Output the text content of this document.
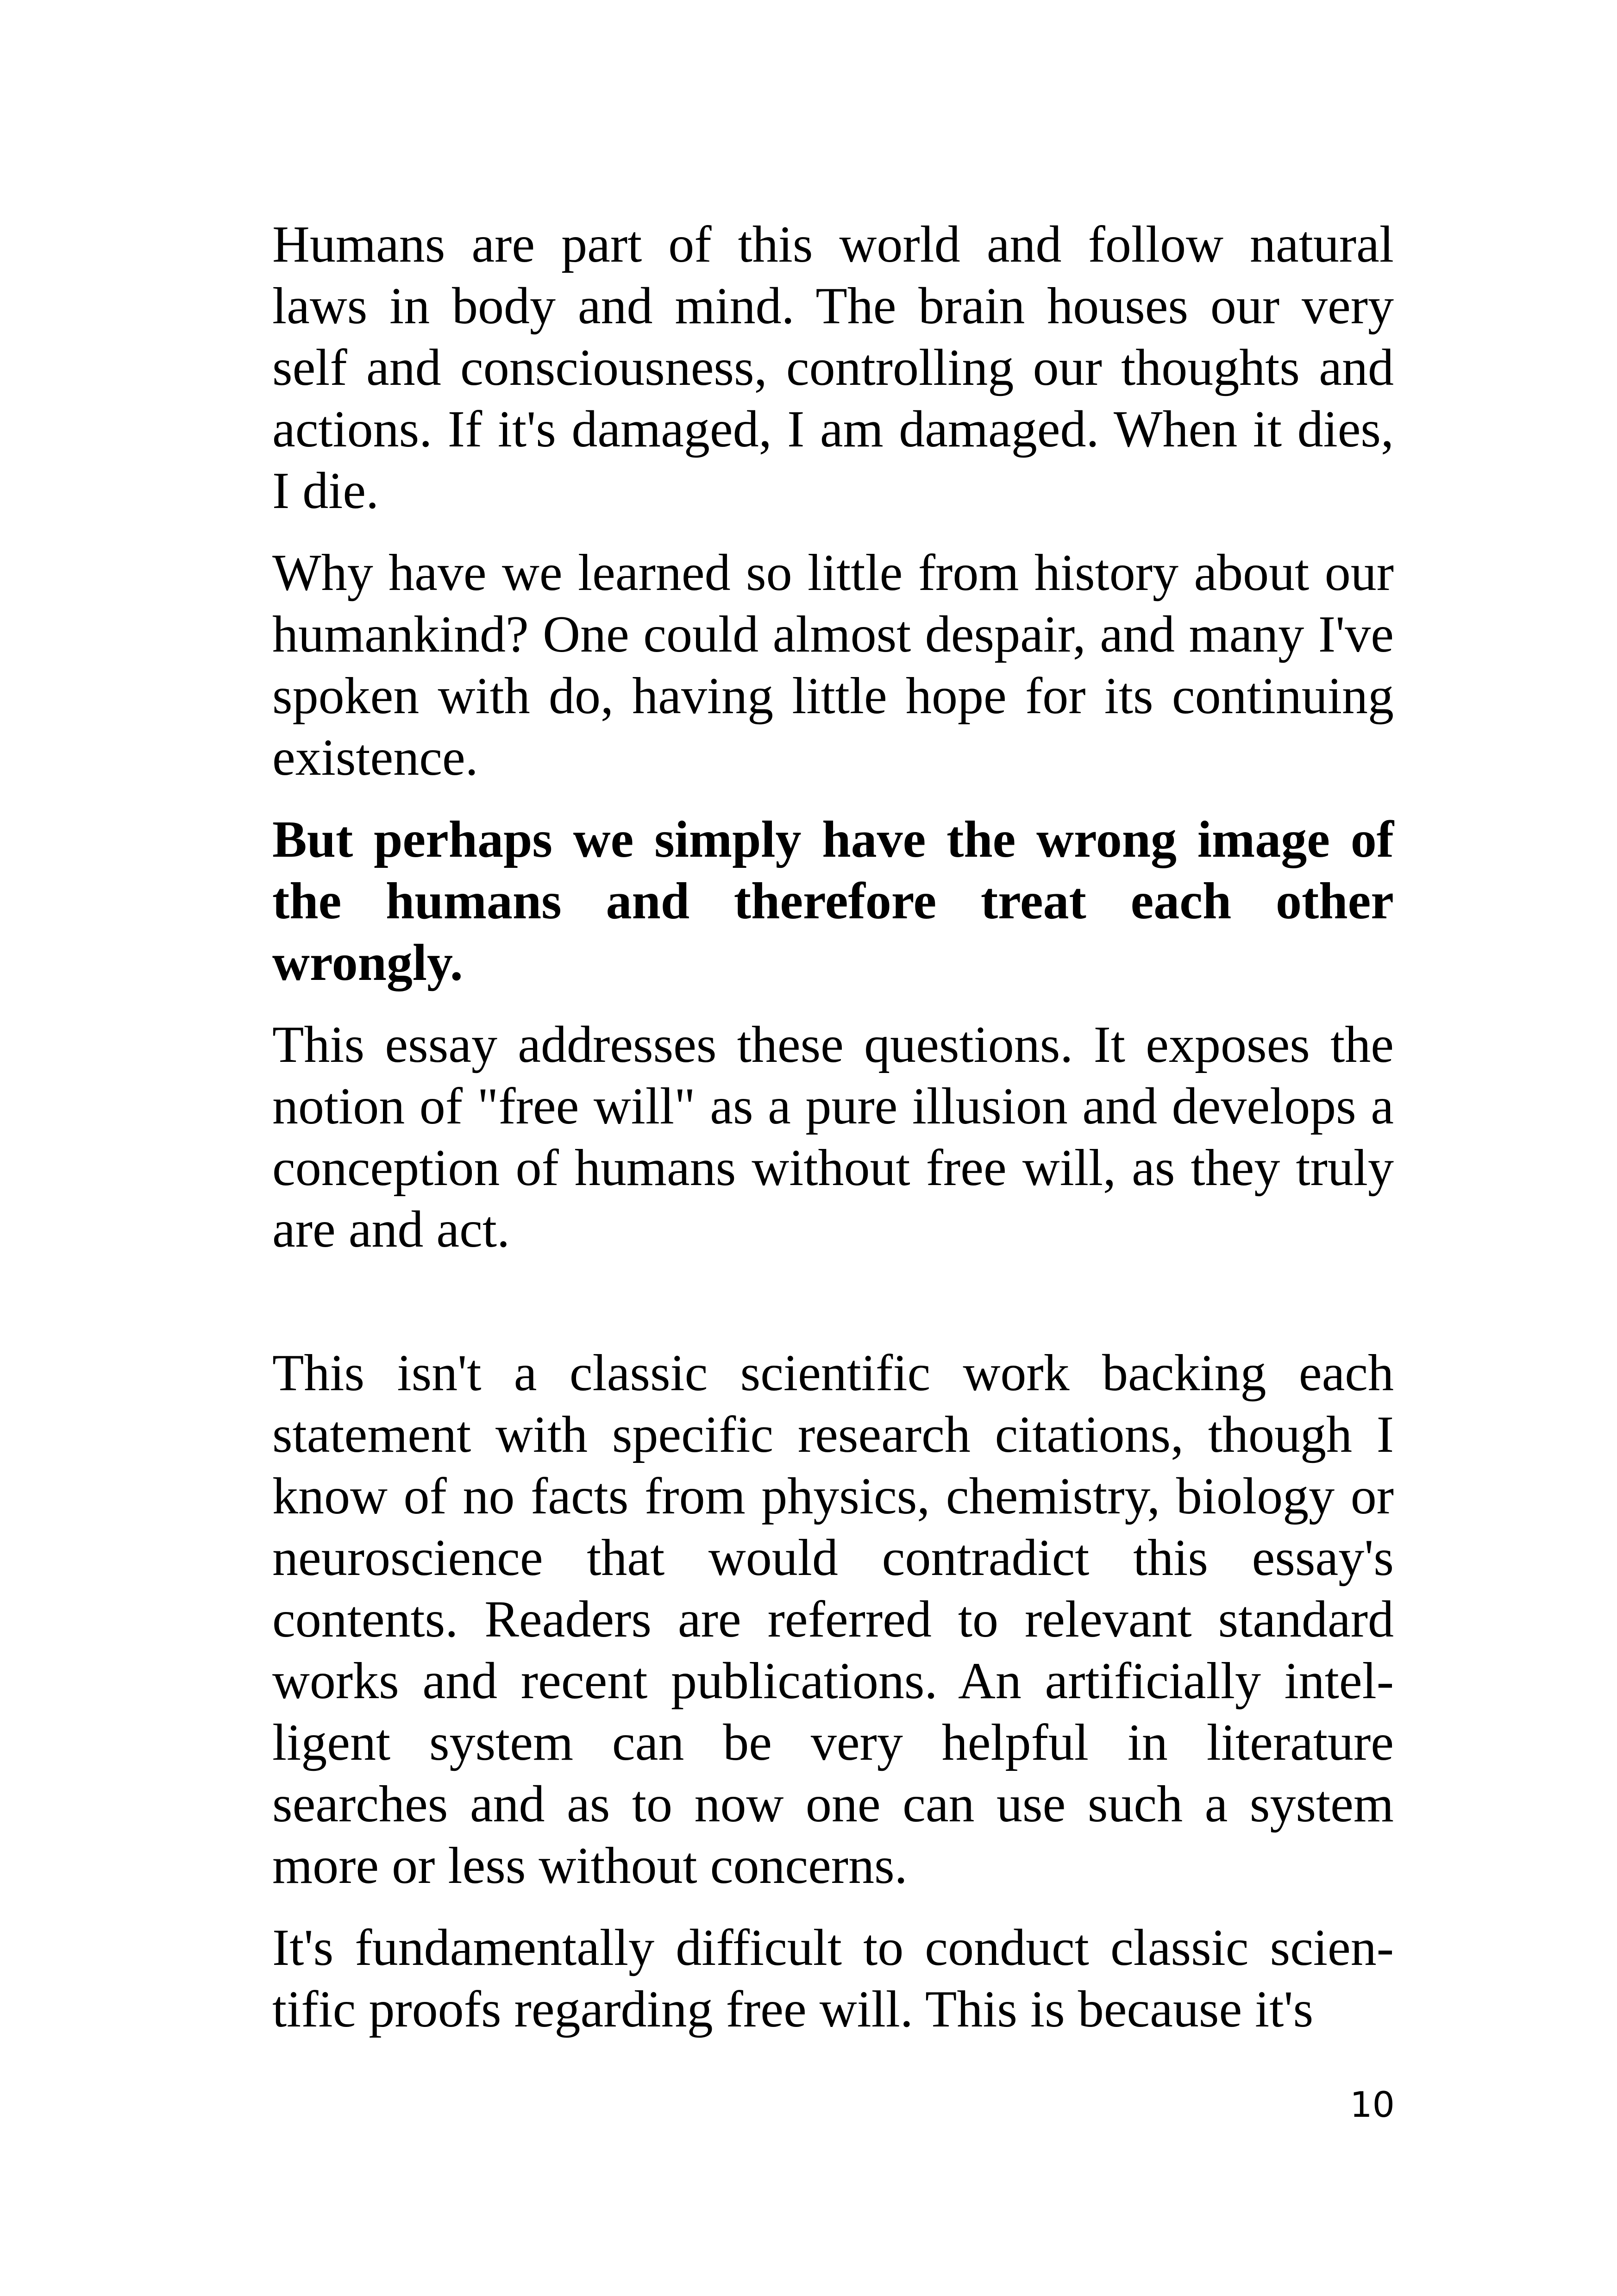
Humans are part of this world and follow natural laws in body and mind. The brain houses our very self and consciousness, controlling our thoughts and actions. If it's damaged, I am damaged. When it dies, I die.

Why have we learned so little from history about our humankind? One could almost despair, and many I've spoken with do, having little hope for its continuing existence.

But perhaps we simply have the wrong image of the humans and therefore treat each other wrongly.

This essay addresses these questions. It exposes the notion of "free will" as a pure illusion and develops a conception of humans without free will, as they truly are and act.

This isn't a classic scientific work backing each statement with specific research citations, though I know of no facts from physics, chemistry, biology or neuroscience that would contradict this essay's contents. Readers are referred to relevant standard works and recent publications. An artificially intelligent system can be very helpful in literature searches and as to now one can use such a system more or less without concerns.

It's fundamentally difficult to conduct classic scientific proofs regarding free will. This is because it's

10
